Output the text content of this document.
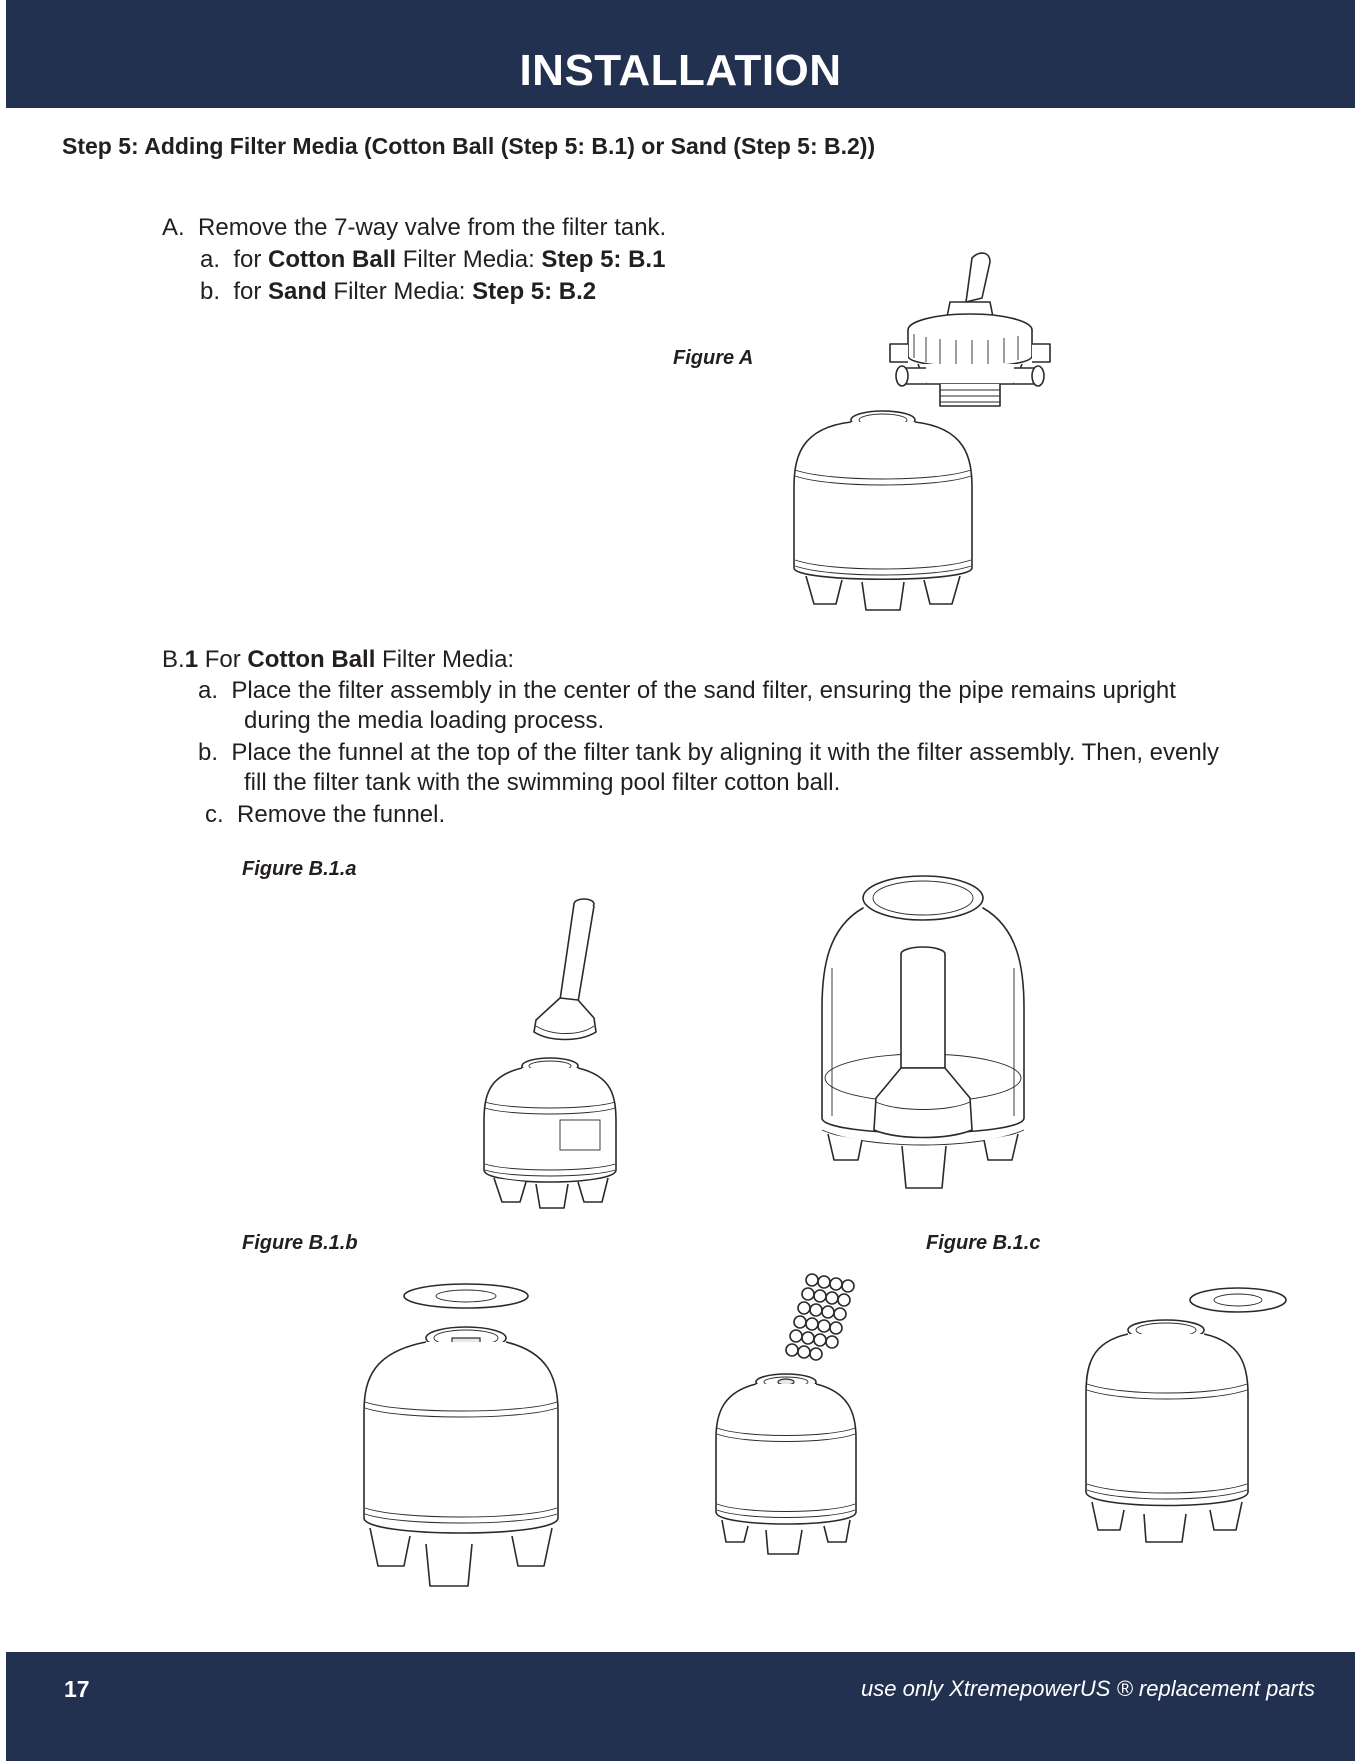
INSTALLATION
Step 5: Adding Filter Media (Cotton Ball (Step 5: B.1) or Sand (Step 5: B.2))
A. Remove the 7-way valve from the filter tank.
a. for Cotton Ball Filter Media: Step 5: B.1
b. for Sand Filter Media: Step 5: B.2
Figure A
B.1 For Cotton Ball Filter Media:
a. Place the filter assembly in the center of the sand filter, ensuring the pipe remains upright
during the media loading process.
b. Place the funnel at the top of the filter tank by aligning it with the filter assembly. Then, evenly
fill the filter tank with the swimming pool filter cotton ball.
c. Remove the funnel.
Figure B.1.a
Figure B.1.b	Figure B.1.c
17	use only XtremepowerUS ® replacement parts
